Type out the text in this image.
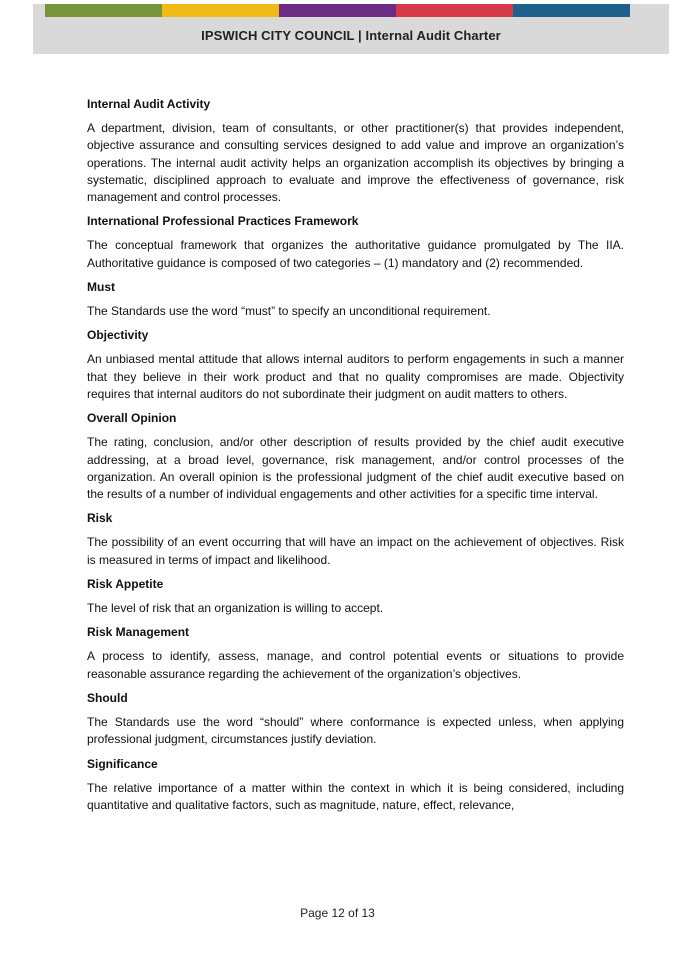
IPSWICH CITY COUNCIL | Internal Audit Charter
Internal Audit Activity
A department, division, team of consultants, or other practitioner(s) that provides independent, objective assurance and consulting services designed to add value and improve an organization’s operations. The internal audit activity helps an organization accomplish its objectives by bringing a systematic, disciplined approach to evaluate and improve the effectiveness of governance, risk management and control processes.
International Professional Practices Framework
The conceptual framework that organizes the authoritative guidance promulgated by The IIA. Authoritative guidance is composed of two categories – (1) mandatory and (2) recommended.
Must
The Standards use the word “must” to specify an unconditional requirement.
Objectivity
An unbiased mental attitude that allows internal auditors to perform engagements in such a manner that they believe in their work product and that no quality compromises are made. Objectivity requires that internal auditors do not subordinate their judgment on audit matters to others.
Overall Opinion
The rating, conclusion, and/or other description of results provided by the chief audit executive addressing, at a broad level, governance, risk management, and/or control processes of the organization. An overall opinion is the professional judgment of the chief audit executive based on the results of a number of individual engagements and other activities for a specific time interval.
Risk
The possibility of an event occurring that will have an impact on the achievement of objectives. Risk is measured in terms of impact and likelihood.
Risk Appetite
The level of risk that an organization is willing to accept.
Risk Management
A process to identify, assess, manage, and control potential events or situations to provide reasonable assurance regarding the achievement of the organization’s objectives.
Should
The Standards use the word “should” where conformance is expected unless, when applying professional judgment, circumstances justify deviation.
Significance
The relative importance of a matter within the context in which it is being considered, including quantitative and qualitative factors, such as magnitude, nature, effect, relevance,
Page 12 of 13
